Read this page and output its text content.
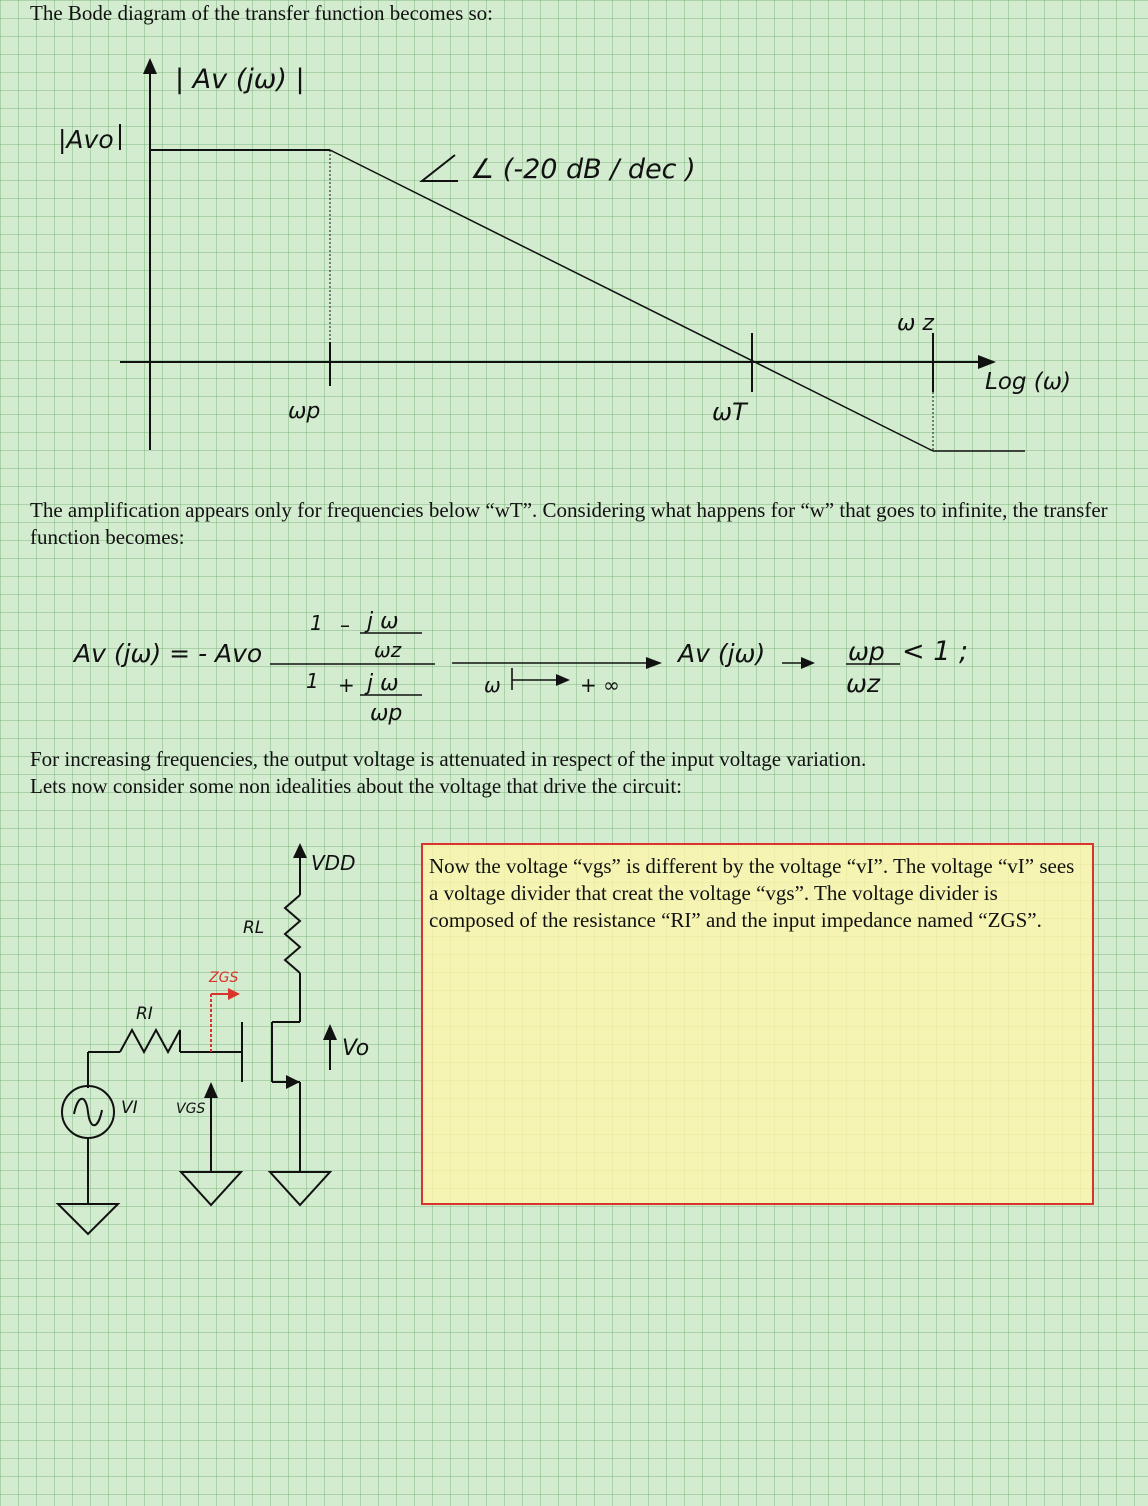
The Bode diagram of the transfer function becomes so:

| Av (jω) |
|Avo
∠ (-20 dB / dec )
ωp	ωT
ω z
Log (ω)

The amplification appears only for frequencies below “wT”. Considering what happens for “w” that goes to infinite, the transfer function becomes:

Av (jω) = - Avo
1 – j ω
ωz
1 + j ω
ωp
ω	+ ∞
Av (jω)	ωp
ωz
< 1 ;

For increasing frequencies, the output voltage is attenuated in respect of the input voltage variation.
Lets now consider some non idealities about the voltage that drive the circuit:

VDD
RL
ZGS
RI
Vo
VI	VGS
Now the voltage “vgs” is different by the voltage “vI”. The voltage “vI” sees a voltage divider that creat the voltage “vgs”. The voltage divider is composed of the resistance “RI” and the input impedance named “ZGS”.
